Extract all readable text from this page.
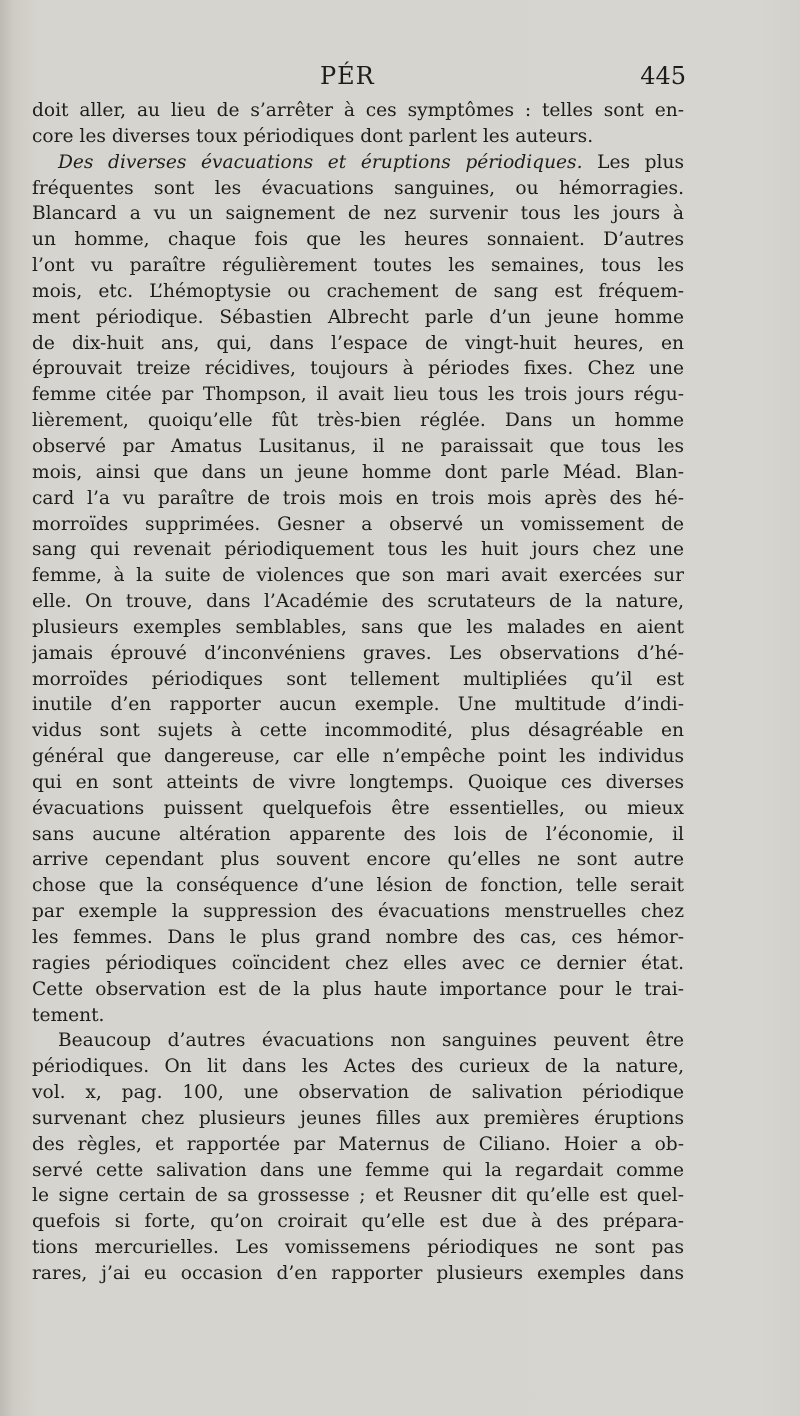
PÉR	445
doit aller, au lieu de s’arrêter à ces symptômes : telles sont en-
core les diverses toux périodiques dont parlent les auteurs.
Des diverses évacuations et éruptions périodiques. Les plus
fréquentes sont les évacuations sanguines, ou hémorragies.
Blancard a vu un saignement de nez survenir tous les jours à
un homme, chaque fois que les heures sonnaient. D’autres
l’ont vu paraître régulièrement toutes les semaines, tous les
mois, etc. L’hémoptysie ou crachement de sang est fréquem-
ment périodique. Sébastien Albrecht parle d’un jeune homme
de dix-huit ans, qui, dans l’espace de vingt-huit heures, en
éprouvait treize récidives, toujours à périodes fixes. Chez une
femme citée par Thompson, il avait lieu tous les trois jours régu-
lièrement, quoiqu’elle fût très-bien réglée. Dans un homme
observé par Amatus Lusitanus, il ne paraissait que tous les
mois, ainsi que dans un jeune homme dont parle Méad. Blan-
card l’a vu paraître de trois mois en trois mois après des hé-
morroïdes supprimées. Gesner a observé un vomissement de
sang qui revenait périodiquement tous les huit jours chez une
femme, à la suite de violences que son mari avait exercées sur
elle. On trouve, dans l’Académie des scrutateurs de la nature,
plusieurs exemples semblables, sans que les malades en aient
jamais éprouvé d’inconvéniens graves. Les observations d’hé-
morroïdes périodiques sont tellement multipliées qu’il est
inutile d’en rapporter aucun exemple. Une multitude d’indi-
vidus sont sujets à cette incommodité, plus désagréable en
général que dangereuse, car elle n’empêche point les individus
qui en sont atteints de vivre longtemps. Quoique ces diverses
évacuations puissent quelquefois être essentielles, ou mieux
sans aucune altération apparente des lois de l’économie, il
arrive cependant plus souvent encore qu’elles ne sont autre
chose que la conséquence d’une lésion de fonction, telle serait
par exemple la suppression des évacuations menstruelles chez
les femmes. Dans le plus grand nombre des cas, ces hémor-
ragies périodiques coïncident chez elles avec ce dernier état.
Cette observation est de la plus haute importance pour le trai-
tement.
Beaucoup d’autres évacuations non sanguines peuvent être
périodiques. On lit dans les Actes des curieux de la nature,
vol. x, pag. 100, une observation de salivation périodique
survenant chez plusieurs jeunes filles aux premières éruptions
des règles, et rapportée par Maternus de Ciliano. Hoier a ob-
servé cette salivation dans une femme qui la regardait comme
le signe certain de sa grossesse ; et Reusner dit qu’elle est quel-
quefois si forte, qu’on croirait qu’elle est due à des prépara-
tions mercurielles. Les vomissemens périodiques ne sont pas
rares, j’ai eu occasion d’en rapporter plusieurs exemples dans
